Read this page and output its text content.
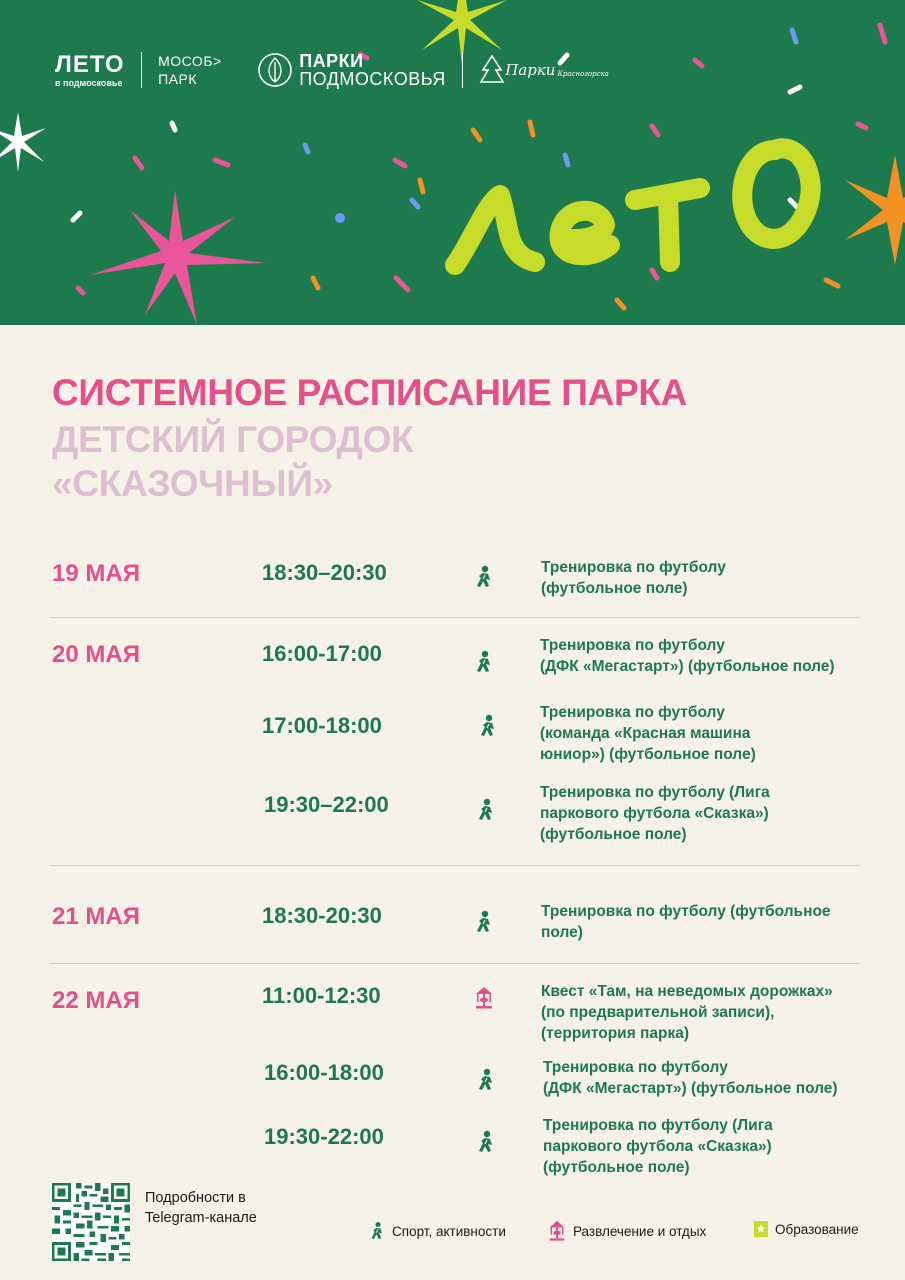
ЛЕТО
в подмосковье
МОСОБ>
ПАРК
ПАРКИ
ПОДМОСКОВЬЯ	Парки Красногорска
СИСТЕМНОЕ РАСПИСАНИЕ ПАРКА
ДЕТСКИЙ ГОРОДОК
«СКАЗОЧНЫЙ»
19 МАЯ	18:30–20:30	Тренировка по футболу
(футбольное поле)
20 МАЯ	16:00-17:00	Тренировка по футболу
(ДФК «Мегастарт») (футбольное поле)
17:00-18:00
Тренировка по футболу
(команда «Красная машина
юниор») (футбольное поле)
19:30–22:00	Тренировка по футболу (Лига
паркового футбола «Сказка»)
(футбольное поле)
21 МАЯ	18:30-20:30	Тренировка по футболу (футбольное
поле)
22 МАЯ	11:00-12:30	Квест «Там, на неведомых дорожках»
(по предварительной записи),
(территория парка)
16:00-18:00	Тренировка по футболу
(ДФК «Мегастарт») (футбольное поле)
19:30-22:00	Тренировка по футболу (Лига
паркового футбола «Сказка»)
(футбольное поле)
Подробности в
Telegram-канале
Спорт, активности	Развлечение и отдых	Образование
